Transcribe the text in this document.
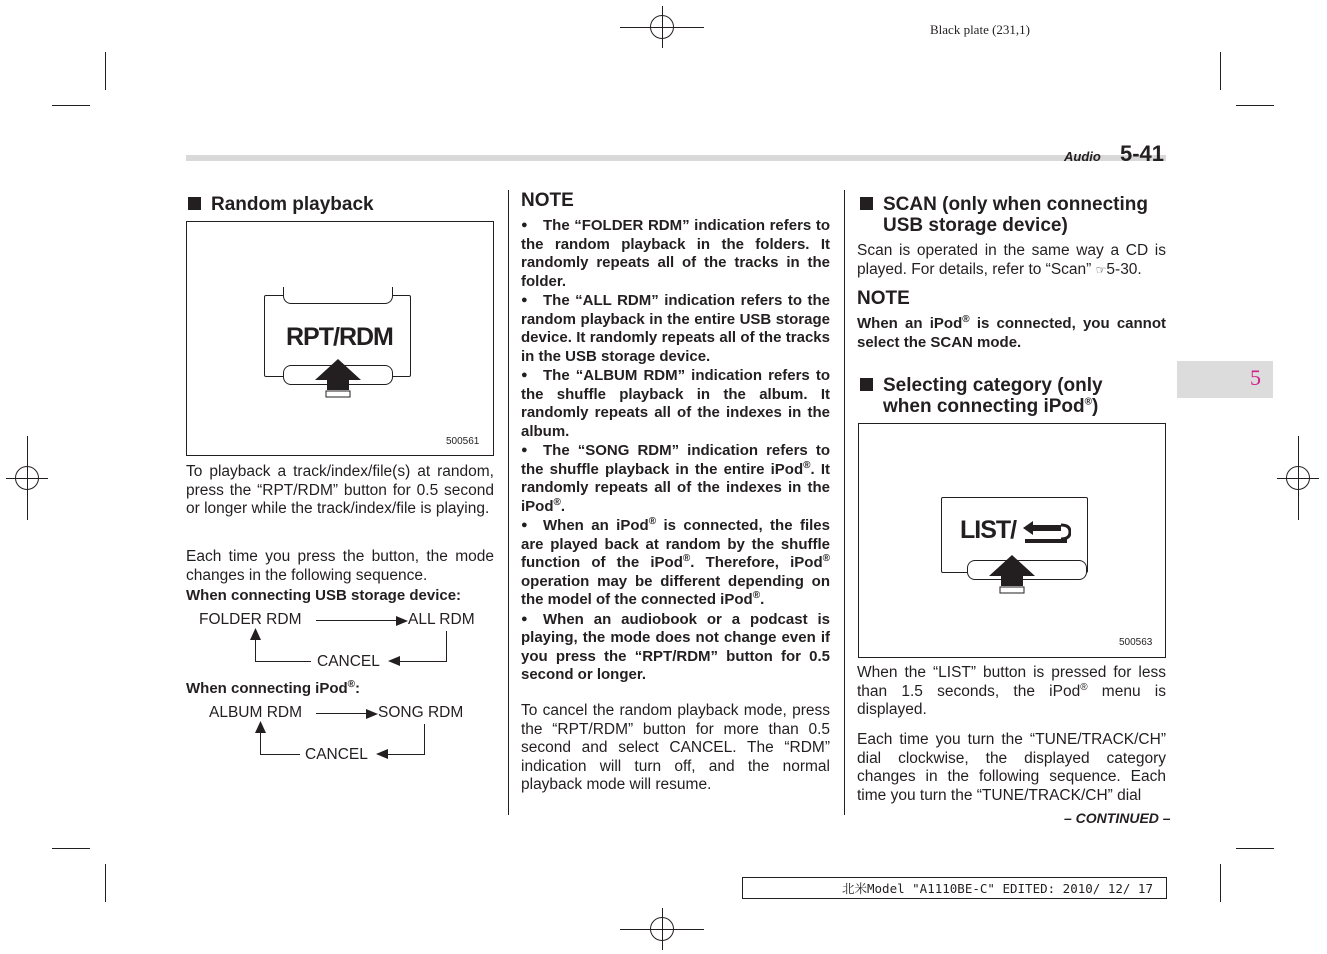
Black plate (231,1)
Audio 5-41
5
Random playback
RPT/RDM
500561
To playback a track/index/file(s) at random, press the “RPT/RDM” button for 0.5 second or longer while the track/index/file is playing.
Each time you press the button, the mode changes in the following sequence.
When connecting USB storage device:
FOLDER RDM	ALL RDM
CANCEL
When connecting iPod®:
ALBUM RDM	SONG RDM
CANCEL
NOTE

● The “FOLDER RDM” indication refers to the random playback in the folders. It randomly repeats all of the tracks in the folder.

● The “ALL RDM” indication refers to the random playback in the entire USB storage device. It randomly repeats all of the tracks in the USB storage device.

● The “ALBUM RDM” indication refers to the shuffle playback in the album. It randomly repeats all of the indexes in the album.

● The “SONG RDM” indication refers to the shuffle playback in the entire iPod®. It randomly repeats all of the indexes in the iPod®.

● When an iPod® is connected, the files are played back at random by the shuffle function of the iPod®. Therefore, iPod® operation may be different depending on the model of the connected iPod®.

● When an audiobook or a podcast is playing, the mode does not change even if you press the “RPT/RDM” button for 0.5 second or longer.

To cancel the random playback mode, press the “RPT/RDM” button for more than 0.5 second and select CANCEL. The “RDM” indication will turn off, and the normal playback mode will resume.
SCAN (only when connecting
USB storage device)
Scan is operated in the same way a CD is played. For details, refer to “Scan” ☞5-30.
NOTE
When an iPod® is connected, you cannot select the SCAN mode.
Selecting category (only
when connecting iPod®)
LIST/
500563
When the “LIST” button is pressed for less than 1.5 seconds, the iPod® menu is displayed.
Each time you turn the “TUNE/TRACK/CH” dial clockwise, the displayed category changes in the following sequence. Each time you turn the “TUNE/TRACK/CH” dial
– CONTINUED –
北米Model "A1110BE-C" EDITED: 2010/ 12/ 17
